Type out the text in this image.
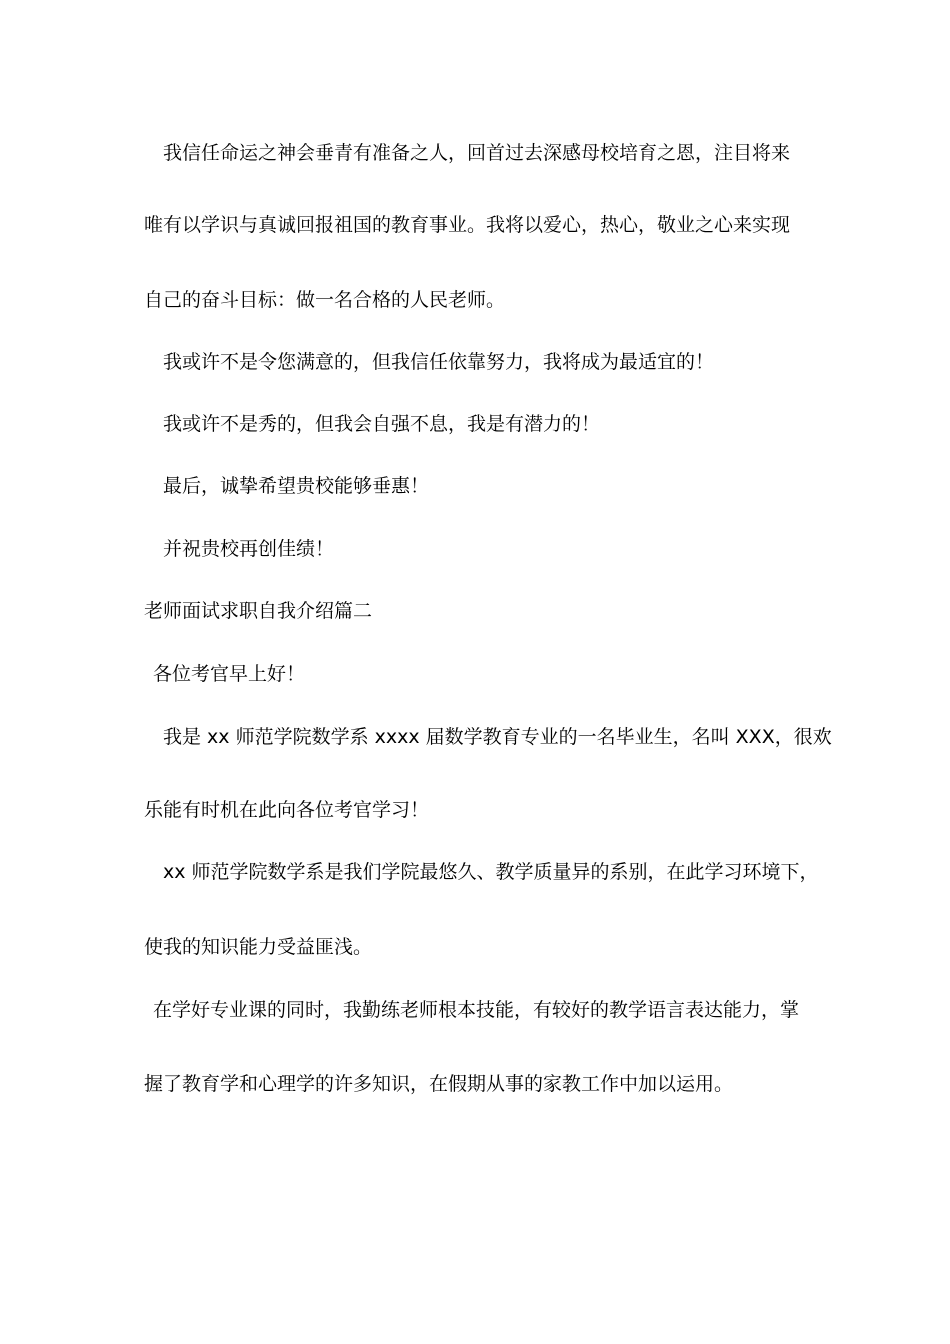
我信任命运之神会垂青有准备之人，回首过去深感母校培育之恩，注目将来
唯有以学识与真诚回报祖国的教育事业。我将以爱心，热心，敬业之心来实现
自己的奋斗目标：做一名合格的人民老师。
我或许不是令您满意的，但我信任依靠努力，我将成为最适宜的！
我或许不是秀的，但我会自强不息，我是有潜力的！
最后，诚挚希望贵校能够垂惠！
并祝贵校再创佳绩！
老师面试求职自我介绍篇二
各位考官早上好！
我是 xx 师范学院数学系 xxxx 届数学教育专业的一名毕业生，名叫 XXX，很欢
乐能有时机在此向各位考官学习！
xx 师范学院数学系是我们学院最悠久、教学质量异的系别，在此学习环境下，
使我的知识能力受益匪浅。
在学好专业课的同时，我勤练老师根本技能，有较好的教学语言表达能力，掌
握了教育学和心理学的许多知识，在假期从事的家教工作中加以运用。
